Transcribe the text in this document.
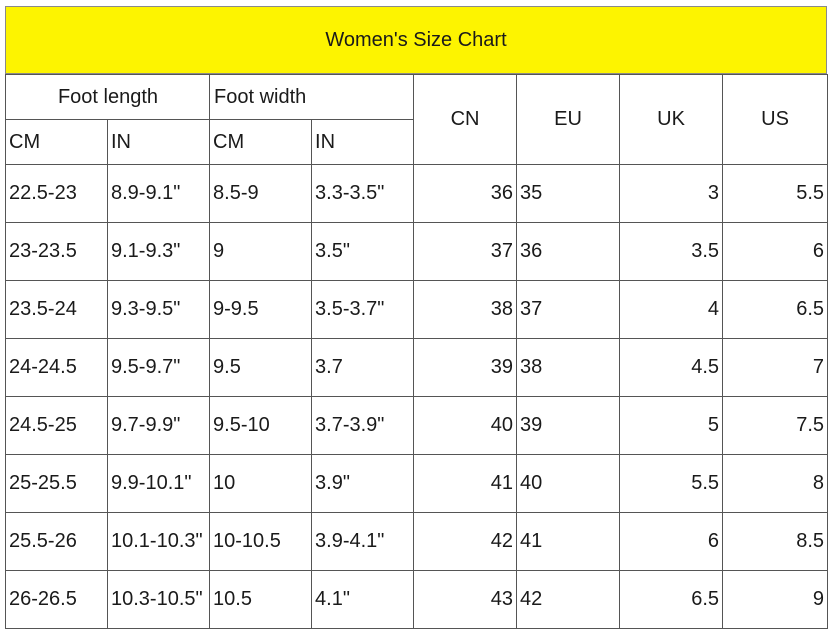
Women's Size Chart
Foot length		Foot width		CN	EU	UK	US
CM	IN	CM	IN				
22.5-23	8.9-9.1"	8.5-9	3.3-3.5"	36	35	3	5.5
23-23.5	9.1-9.3"	9	3.5"	37	36	3.5	6
23.5-24	9.3-9.5"	9-9.5	3.5-3.7"	38	37	4	6.5
24-24.5	9.5-9.7"	9.5	3.7	39	38	4.5	7
24.5-25	9.7-9.9"	9.5-10	3.7-3.9"	40	39	5	7.5
25-25.5	9.9-10.1"	10	3.9"	41	40	5.5	8
25.5-26	10.1-10.3"	10-10.5	3.9-4.1"	42	41	6	8.5
26-26.5	10.3-10.5"	10.5	4.1"	43	42	6.5	9
